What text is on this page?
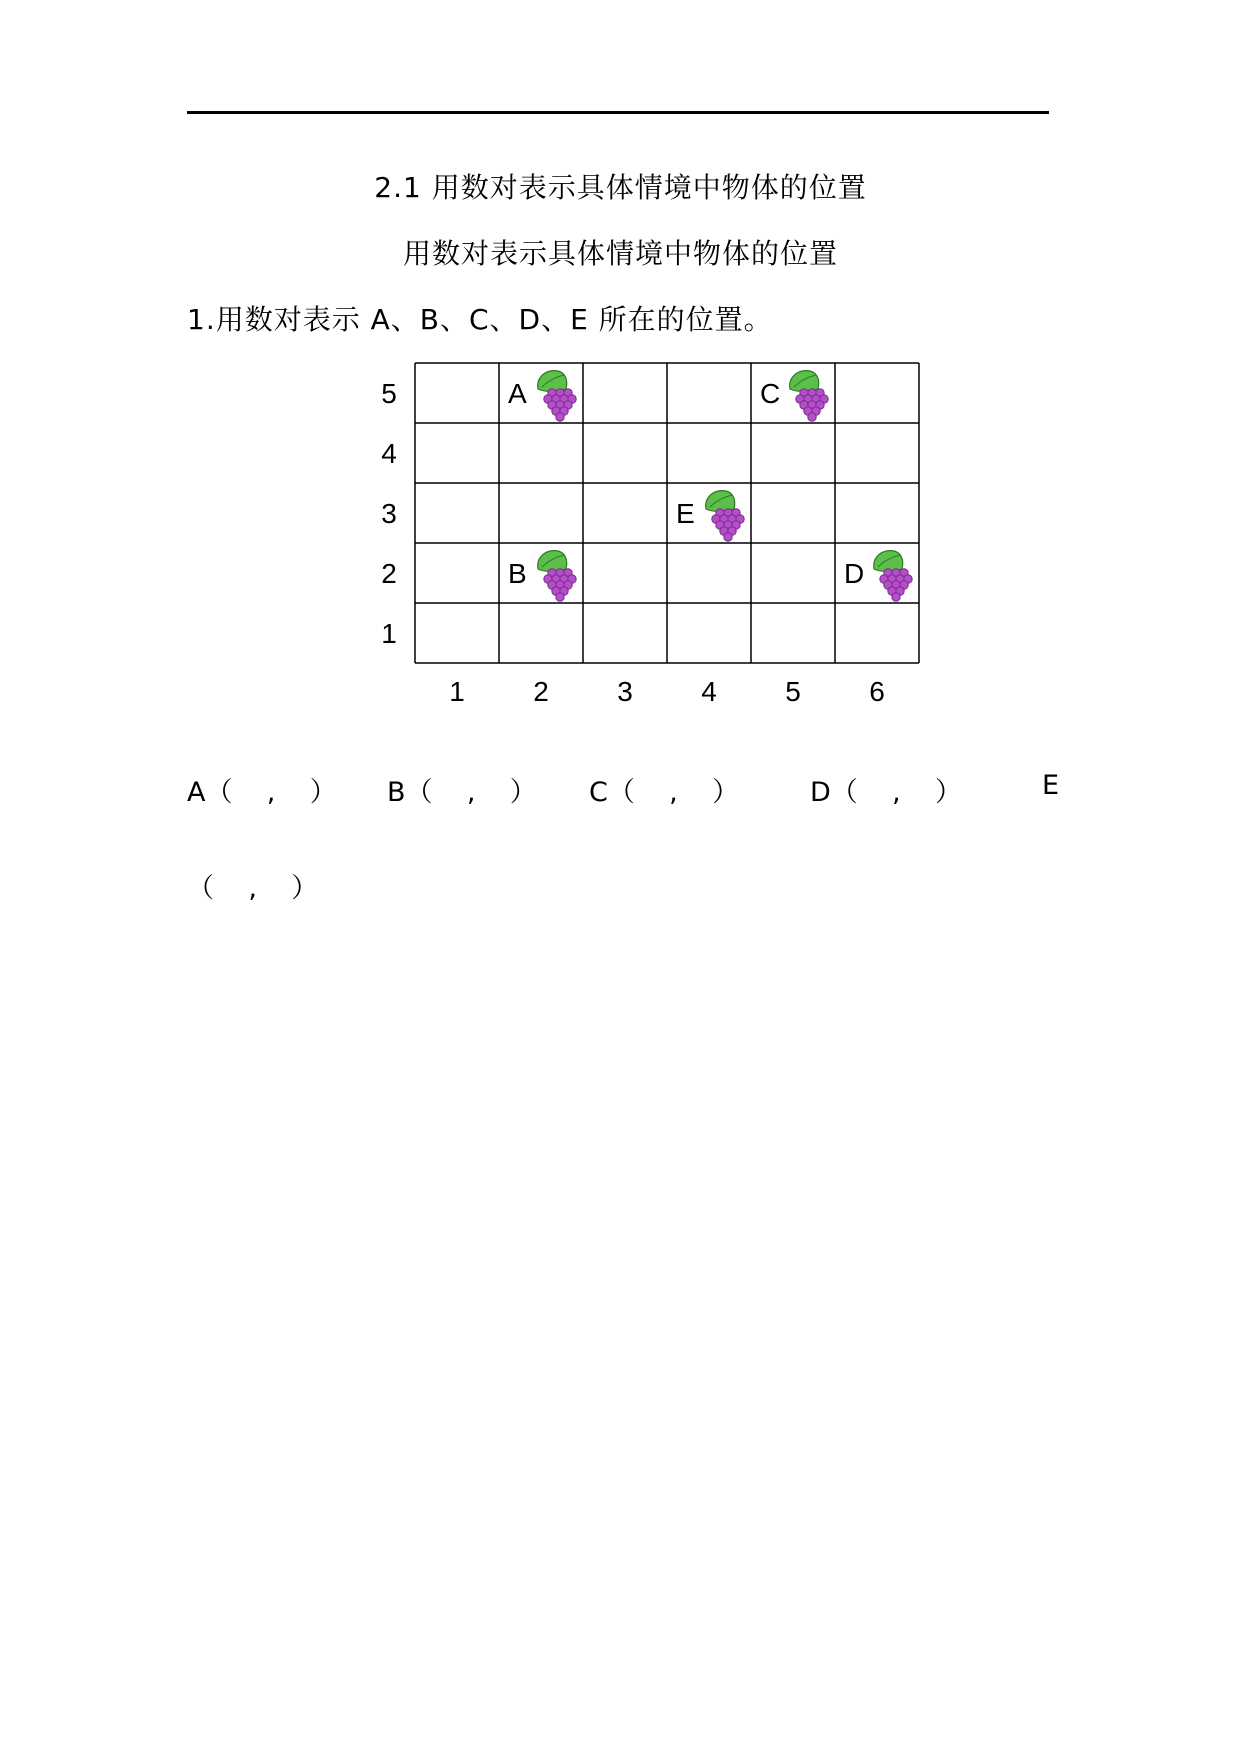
2.1 用数对表示具体情境中物体的位置
用数对表示具体情境中物体的位置
1.用数对表示 A、B、C、D、E 所在的位置。
5
4
3
2
1
1 2 3 4 5 6
A	C
E
B	D
A（    ,    ） B（    ,    ） C（    ,    ）	D（    ,    ）	E
（    ,    ）
